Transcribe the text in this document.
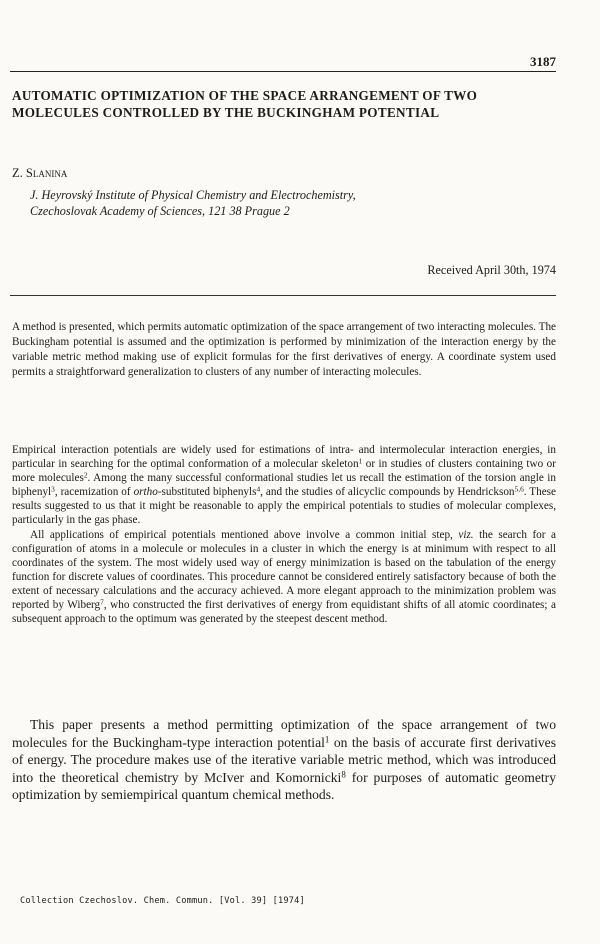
3187
AUTOMATIC OPTIMIZATION OF THE SPACE ARRANGEMENT OF TWO MOLECULES CONTROLLED BY THE BUCKINGHAM POTENTIAL
Z. Slanina
J. Heyrovský Institute of Physical Chemistry and Electrochemistry,
Czechoslovak Academy of Sciences, 121 38 Prague 2
Received April 30th, 1974

A method is presented, which permits automatic optimization of the space arrangement of two interacting molecules. The Buckingham potential is assumed and the optimization is performed by minimization of the interaction energy by the variable metric method making use of explicit formulas for the first derivatives of energy. A coordinate system used permits a straightforward generalization to clusters of any number of interacting molecules.

Empirical interaction potentials are widely used for estimations of intra- and intermolecular interaction energies, in particular in searching for the optimal conformation of a molecular skeleton$^1$ or in studies of clusters containing two or more molecules$^2$. Among the many successful conformational studies let us recall the estimation of the torsion angle in biphenyl$^3$, racemization of ortho-substituted biphenyls$^4$, and the studies of alicyclic compounds by Hendrickson$^{5,6}$. These results suggested to us that it might be reasonable to apply the empirical potentials to studies of molecular complexes, particularly in the gas phase.

All applications of empirical potentials mentioned above involve a common initial step, viz. the search for a configuration of atoms in a molecule or molecules in a cluster in which the energy is at minimum with respect to all coordinates of the system. The most widely used way of energy minimization is based on the tabulation of the energy function for discrete values of coordinates. This procedure cannot be considered entirely satisfactory because of both the extent of necessary calculations and the accuracy achieved. A more elegant approach to the minimization problem was reported by Wiberg$^7$, who constructed the first derivatives of energy from equidistant shifts of all atomic coordinates; a subsequent approach to the optimum was generated by the steepest descent method.

This paper presents a method permitting optimization of the space arrangement of two molecules for the Buckingham-type interaction potential$^1$ on the basis of accurate first derivatives of energy. The procedure makes use of the iterative variable metric method, which was introduced into the theoretical chemistry by McIver and Komornicki$^8$ for purposes of automatic geometry optimization by semiempirical quantum chemical methods.

Collection Czechoslov. Chem. Commun. [Vol. 39] [1974]
